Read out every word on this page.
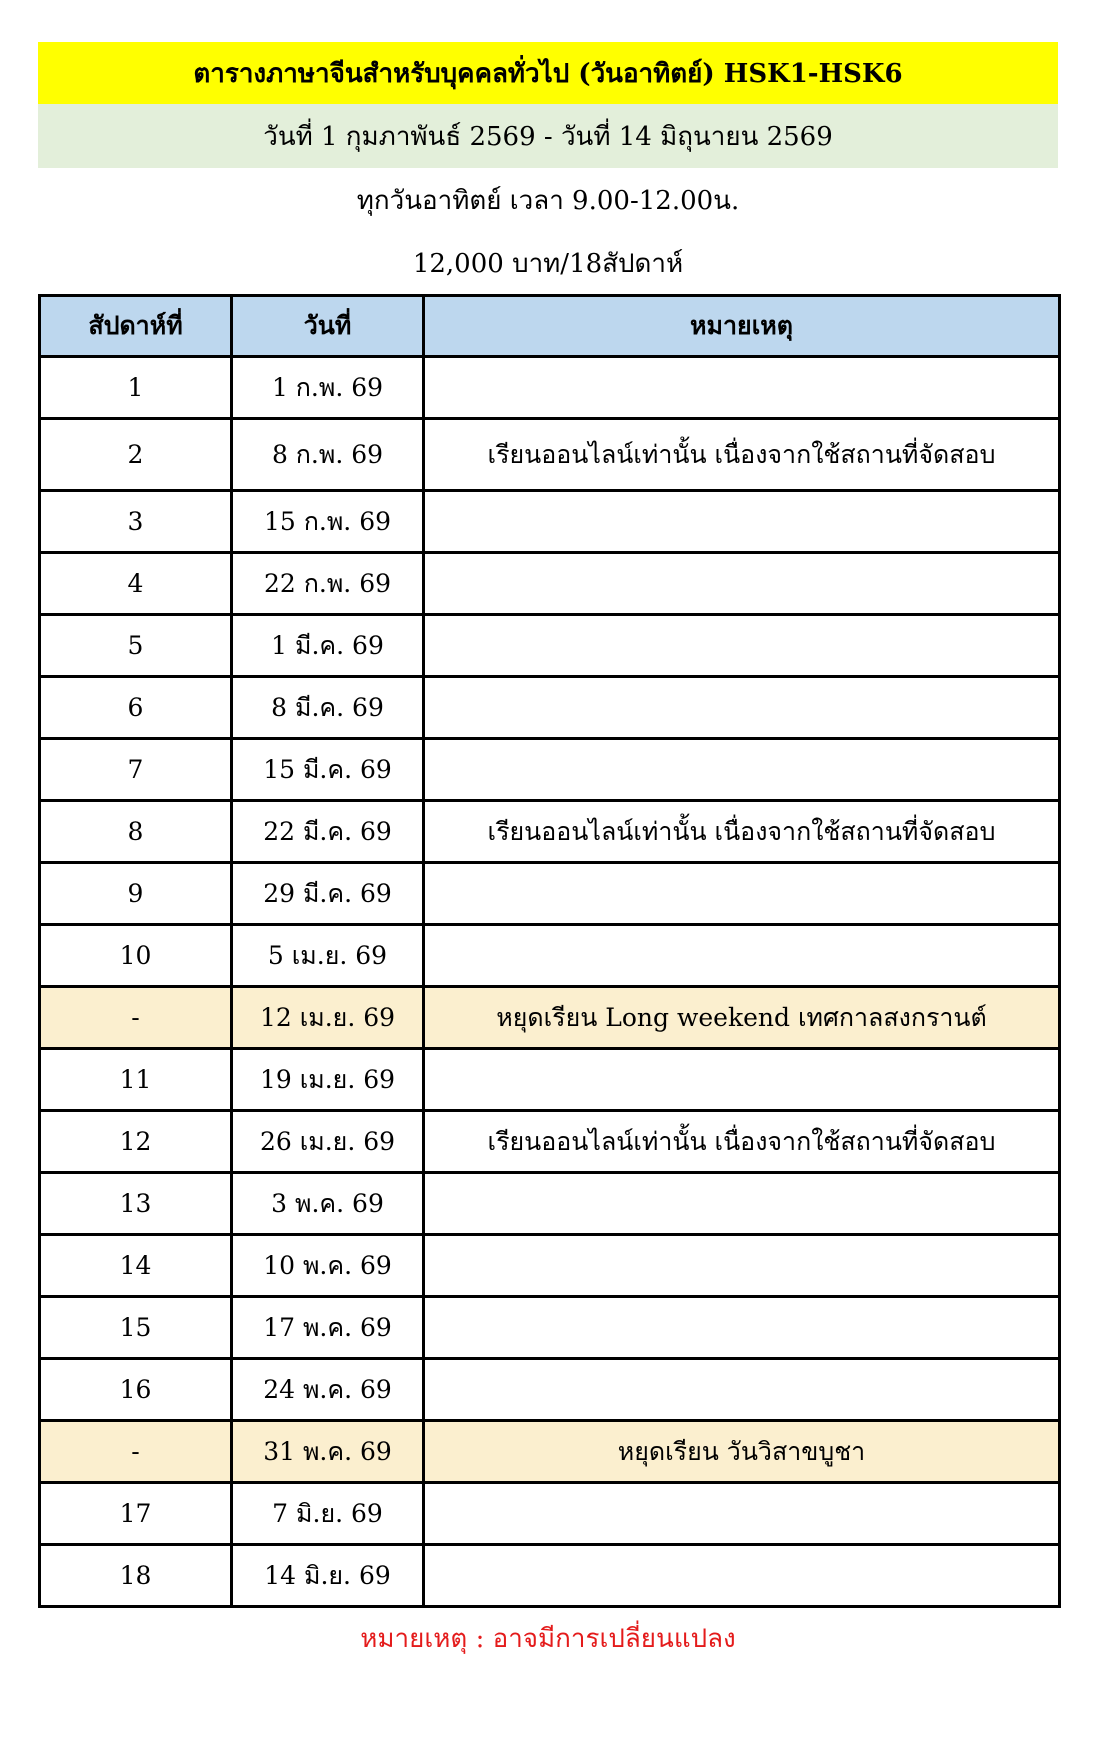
ตารางภาษาจีนสำหรับบุคคลทั่วไป (วันอาทิตย์) HSK1-HSK6
วันที่ 1 กุมภาพันธ์ 2569 - วันที่ 14 มิถุนายน 2569
ทุกวันอาทิตย์ เวลา 9.00-12.00น.
12,000 บาท/18สัปดาห์
สัปดาห์ที่	วันที่	หมายเหตุ
1	1 ก.พ. 69	
2	8 ก.พ. 69	เรียนออนไลน์เท่านั้น เนื่องจากใช้สถานที่จัดสอบ
3	15 ก.พ. 69	
4	22 ก.พ. 69	
5	1 มี.ค. 69	
6	8 มี.ค. 69	
7	15 มี.ค. 69	
8	22 มี.ค. 69	เรียนออนไลน์เท่านั้น เนื่องจากใช้สถานที่จัดสอบ
9	29 มี.ค. 69	
10	5 เม.ย. 69	
-	12 เม.ย. 69	หยุดเรียน Long weekend เทศกาลสงกรานต์
11	19 เม.ย. 69	
12	26 เม.ย. 69	เรียนออนไลน์เท่านั้น เนื่องจากใช้สถานที่จัดสอบ
13	3 พ.ค. 69	
14	10 พ.ค. 69	
15	17 พ.ค. 69	
16	24 พ.ค. 69	
-	31 พ.ค. 69	หยุดเรียน วันวิสาขบูชา
17	7 มิ.ย. 69	
18	14 มิ.ย. 69	
หมายเหตุ : อาจมีการเปลี่ยนแปลง
